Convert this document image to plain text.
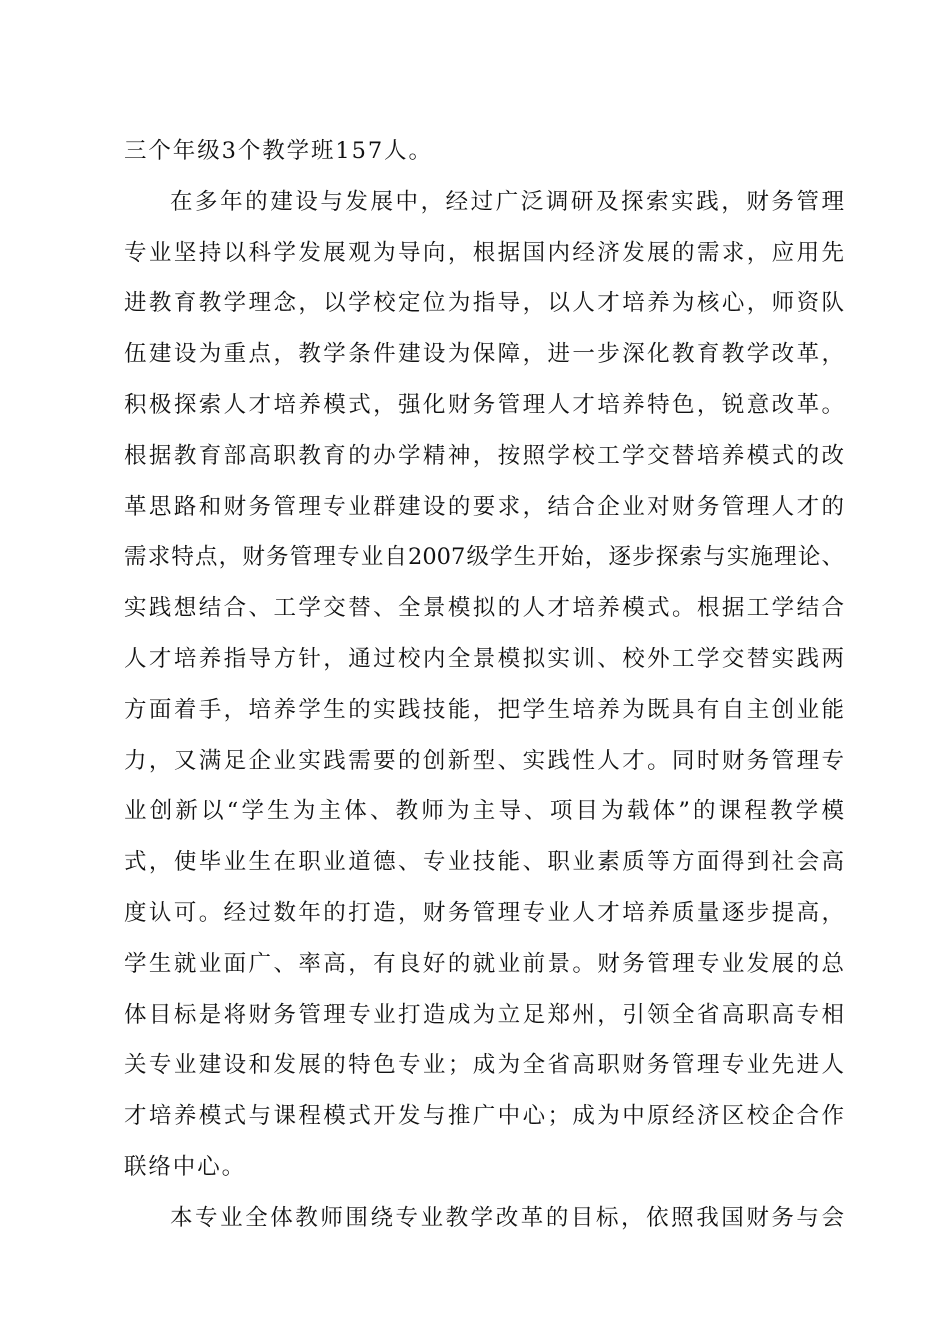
三个年级3个教学班157人。
在多年的建设与发展中，经过广泛调研及探索实践，财务管理
专业坚持以科学发展观为导向，根据国内经济发展的需求，应用先
进教育教学理念，以学校定位为指导，以人才培养为核心，师资队
伍建设为重点，教学条件建设为保障，进一步深化教育教学改革，
积极探索人才培养模式，强化财务管理人才培养特色，锐意改革。
根据教育部高职教育的办学精神，按照学校工学交替培养模式的改
革思路和财务管理专业群建设的要求，结合企业对财务管理人才的
需求特点，财务管理专业自2007级学生开始，逐步探索与实施理论、
实践想结合、工学交替、全景模拟的人才培养模式。根据工学结合
人才培养指导方针，通过校内全景模拟实训、校外工学交替实践两
方面着手，培养学生的实践技能，把学生培养为既具有自主创业能
力，又满足企业实践需要的创新型、实践性人才。同时财务管理专
业创新以“学生为主体、教师为主导、项目为载体”的课程教学模
式，使毕业生在职业道德、专业技能、职业素质等方面得到社会高
度认可。经过数年的打造，财务管理专业人才培养质量逐步提高，
学生就业面广、率高，有良好的就业前景。财务管理专业发展的总
体目标是将财务管理专业打造成为立足郑州，引领全省高职高专相
关专业建设和发展的特色专业；成为全省高职财务管理专业先进人
才培养模式与课程模式开发与推广中心；成为中原经济区校企合作
联络中心。
本专业全体教师围绕专业教学改革的目标，依照我国财务与会
